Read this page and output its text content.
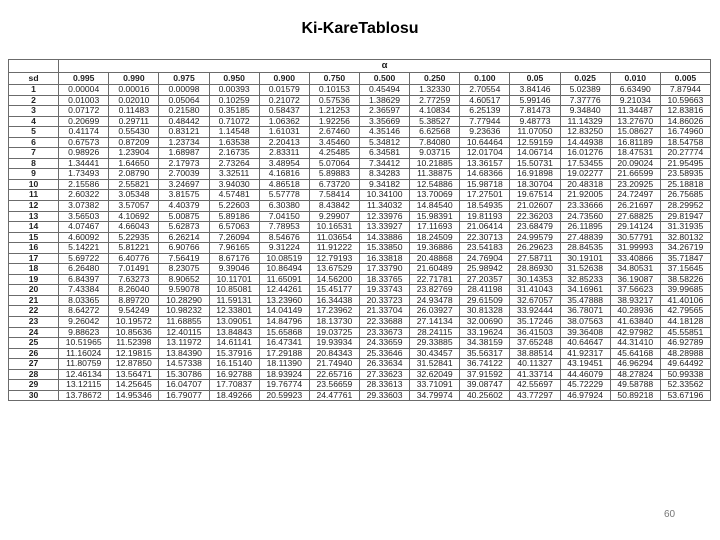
Ki-KareTablosu
	α												
sd	0.995	0.990	0.975	0.950	0.900	0.750	0.500	0.250	0.100	0.05	0.025	0.010	0.005
1	0.00004	0.00016	0.00098	0.00393	0.01579	0.10153	0.45494	1.32330	2.70554	3.84146	5.02389	6.63490	7.87944
2	0.01003	0.02010	0.05064	0.10259	0.21072	0.57536	1.38629	2.77259	4.60517	5.99146	7.37776	9.21034	10.59663
3	0.07172	0.11483	0.21580	0.35185	0.58437	1.21253	2.36597	4.10834	6.25139	7.81473	9.34840	11.34487	12.83816
4	0.20699	0.29711	0.48442	0.71072	1.06362	1.92256	3.35669	5.38527	7.77944	9.48773	11.14329	13.27670	14.86026
5	0.41174	0.55430	0.83121	1.14548	1.61031	2.67460	4.35146	6.62568	9.23636	11.07050	12.83250	15.08627	16.74960
6	0.67573	0.87209	1.23734	1.63538	2.20413	3.45460	5.34812	7.84080	10.64464	12.59159	14.44938	16.81189	18.54758
7	0.98926	1.23904	1.68987	2.16735	2.83311	4.25485	6.34581	9.03715	12.01704	14.06714	16.01276	18.47531	20.27774
8	1.34441	1.64650	2.17973	2.73264	3.48954	5.07064	7.34412	10.21885	13.36157	15.50731	17.53455	20.09024	21.95495
9	1.73493	2.08790	2.70039	3.32511	4.16816	5.89883	8.34283	11.38875	14.68366	16.91898	19.02277	21.66599	23.58935
10	2.15586	2.55821	3.24697	3.94030	4.86518	6.73720	9.34182	12.54886	15.98718	18.30704	20.48318	23.20925	25.18818
11	2.60322	3.05348	3.81575	4.57481	5.57778	7.58414	10.34100	13.70069	17.27501	19.67514	21.92005	24.72497	26.75685
12	3.07382	3.57057	4.40379	5.22603	6.30380	8.43842	11.34032	14.84540	18.54935	21.02607	23.33666	26.21697	28.29952
13	3.56503	4.10692	5.00875	5.89186	7.04150	9.29907	12.33976	15.98391	19.81193	22.36203	24.73560	27.68825	29.81947
14	4.07467	4.66043	5.62873	6.57063	7.78953	10.16531	13.33927	17.11693	21.06414	23.68479	26.11895	29.14124	31.31935
15	4.60092	5.22935	6.26214	7.26094	8.54676	11.03654	14.33886	18.24509	22.30713	24.99579	27.48839	30.57791	32.80132
16	5.14221	5.81221	6.90766	7.96165	9.31224	11.91222	15.33850	19.36886	23.54183	26.29623	28.84535	31.99993	34.26719
17	5.69722	6.40776	7.56419	8.67176	10.08519	12.79193	16.33818	20.48868	24.76904	27.58711	30.19101	33.40866	35.71847
18	6.26480	7.01491	8.23075	9.39046	10.86494	13.67529	17.33790	21.60489	25.98942	28.86930	31.52638	34.80531	37.15645
19	6.84397	7.63273	8.90652	10.11701	11.65091	14.56200	18.33765	22.71781	27.20357	30.14353	32.85233	36.19087	38.58226
20	7.43384	8.26040	9.59078	10.85081	12.44261	15.45177	19.33743	23.82769	28.41198	31.41043	34.16961	37.56623	39.99685
21	8.03365	8.89720	10.28290	11.59131	13.23960	16.34438	20.33723	24.93478	29.61509	32.67057	35.47888	38.93217	41.40106
22	8.64272	9.54249	10.98232	12.33801	14.04149	17.23962	21.33704	26.03927	30.81328	33.92444	36.78071	40.28936	42.79565
23	9.26042	10.19572	11.68855	13.09051	14.84796	18.13730	22.33688	27.14134	32.00690	35.17246	38.07563	41.63840	44.18128
24	9.88623	10.85636	12.40115	13.84843	15.65868	19.03725	23.33673	28.24115	33.19624	36.41503	39.36408	42.97982	45.55851
25	10.51965	11.52398	13.11972	14.61141	16.47341	19.93934	24.33659	29.33885	34.38159	37.65248	40.64647	44.31410	46.92789
26	11.16024	12.19815	13.84390	15.37916	17.29188	20.84343	25.33646	30.43457	35.56317	38.88514	41.92317	45.64168	48.28988
27	11.80759	12.87850	14.57338	16.15140	18.11390	21.74940	26.33634	31.52841	36.74122	40.11327	43.19451	46.96294	49.64492
28	12.46134	13.56471	15.30786	16.92788	18.93924	22.65716	27.33623	32.62049	37.91592	41.33714	44.46079	48.27824	50.99338
29	13.12115	14.25645	16.04707	17.70837	19.76774	23.56659	28.33613	33.71091	39.08747	42.55697	45.72229	49.58788	52.33562
30	13.78672	14.95346	16.79077	18.49266	20.59923	24.47761	29.33603	34.79974	40.25602	43.77297	46.97924	50.89218	53.67196
60
